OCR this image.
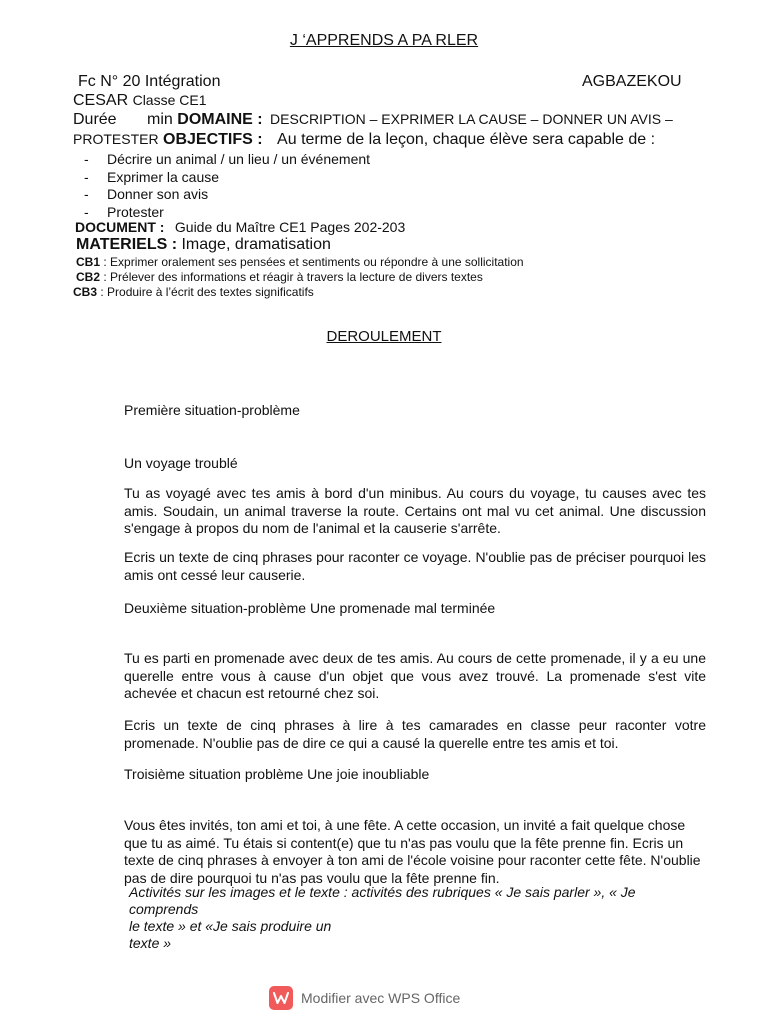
J ‘APPRENDS A PA RLER
Fc N° 20 Intégration	AGBAZEKOU
CESAR Classe CE1
Durée min DOMAINE : DESCRIPTION – EXPRIMER LA CAUSE – DONNER UN AVIS –
PROTESTER OBJECTIFS : Au terme de la leçon, chaque élève sera capable de :
- Décrire un animal / un lieu / un événement
- Exprimer la cause
- Donner son avis
- Protester
DOCUMENT : Guide du Maître CE1 Pages 202-203
MATERIELS : Image, dramatisation
CB1 : Exprimer oralement ses pensées et sentiments ou répondre à une sollicitation
CB2 : Prélever des informations et réagir à travers la lecture de divers textes
CB3 : Produire à l’écrit des textes significatifs
DEROULEMENT
Première situation-problème
Un voyage troublé
Tu as voyagé avec tes amis à bord d'un minibus. Au cours du voyage, tu causes avec tes amis. Soudain, un animal traverse la route. Certains ont mal vu cet animal. Une discussion s'engage à propos du nom de l'animal et la causerie s'arrête.
Ecris un texte de cinq phrases pour raconter ce voyage. N'oublie pas de préciser pourquoi les amis ont cessé leur causerie.
Deuxième situation-problème Une promenade mal terminée
Tu es parti en promenade avec deux de tes amis. Au cours de cette promenade, il y a eu une querelle entre vous à cause d'un objet que vous avez trouvé. La promenade s'est vite achevée et chacun est retourné chez soi.
Ecris un texte de cinq phrases à lire à tes camarades en classe peur raconter votre promenade. N'oublie pas de dire ce qui a causé la querelle entre tes amis et toi.
Troisième situation problème Une joie inoubliable
Vous êtes invités, ton ami et toi, à une fête. A cette occasion, un invité a fait quelque chose que tu as aimé. Tu étais si content(e) que tu n'as pas voulu que la fête prenne fin. Ecris un texte de cinq phrases à envoyer à ton ami de l'école voisine pour raconter cette fête. N'oublie pas de dire pourquoi tu n'as pas voulu que la fête prenne fin.
Activités sur les images et le texte : activités des rubriques « Je sais parler », « Je
comprends
le texte » et «Je sais produire un
texte »
Modifier avec WPS Office
